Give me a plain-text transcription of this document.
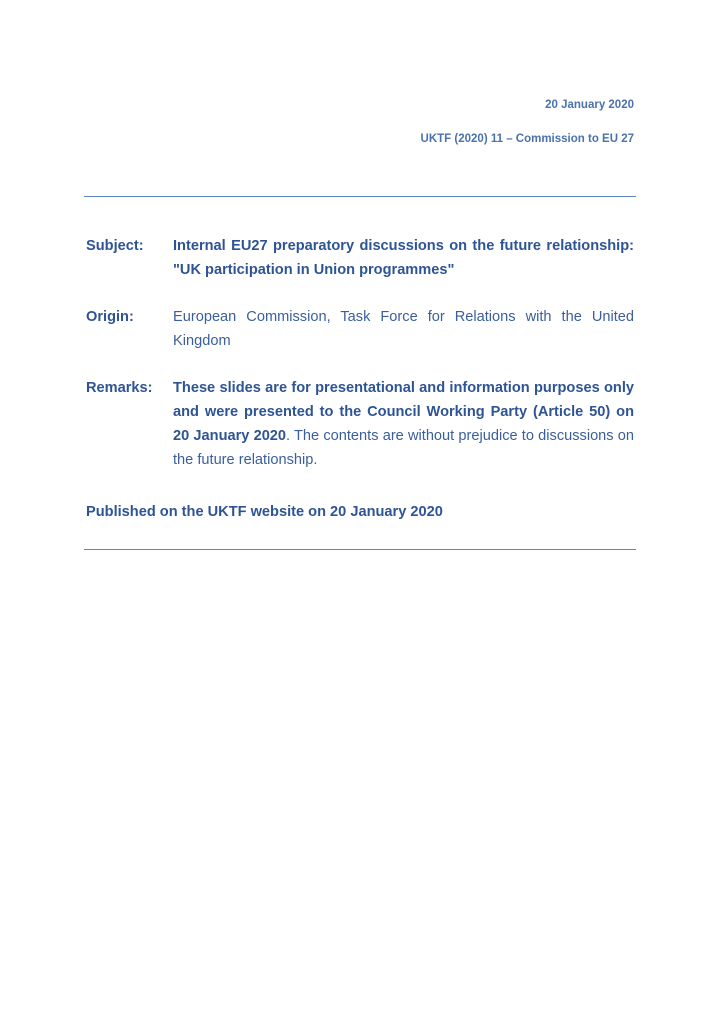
20 January 2020
UKTF (2020) 11 – Commission to EU 27
Subject: Internal EU27 preparatory discussions on the future relationship: "UK participation in Union programmes"
Origin:	European Commission, Task Force for Relations with the United Kingdom
Remarks: These slides are for presentational and information purposes only and were presented to the Council Working Party (Article 50) on 20 January 2020. The contents are without prejudice to discussions on the future relationship.
Published on the UKTF website on 20 January 2020
